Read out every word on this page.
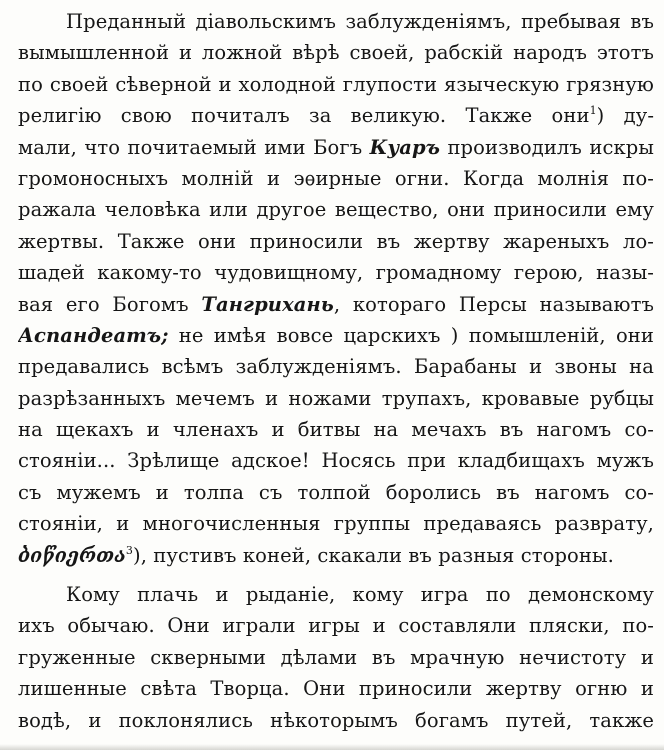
Преданный діавольскимъ заблужденіямъ, пребывая въ
вымышленной и ложной вѣрѣ своей, рабскій народъ этотъ
по своей сѣверной и холодной глупости языческую грязную
религію свою почиталъ за великую. Также они$^1$) ду-
мали, что почитаемый ими Богъ Куаръ производилъ искры
громоносныхъ молній и эѳирные огни. Когда молнія по-
ражала человѣка или другое вещество, они приносили ему
жертвы. Также они приносили въ жертву жареныхъ ло-
шадей какому-то чудовищному, громадному герою, назы-
вая его Богомъ Тангрихань, котораго Персы называютъ
Аспандеатъ; не имѣя вовсе царскихъ ) помышленій, они
предавались всѣмъ заблужденіямъ. Барабаны и звоны на
разрѣзанныхъ мечемъ и ножами трупахъ, кровавые рубцы
на щекахъ и членахъ и битвы на мечахъ въ нагомъ со-
стояніи... Зрѣлище адское! Носясь при кладбищахъ мужъ
съ мужемъ и толпа съ толпой боролись въ нагомъ со-
стояніи, и многочисленныя группы предаваясь разврату,
ბიწიერთა$^3$), пустивъ коней, скакали въ разныя стороны.
Кому плачь и рыданіе, кому игра по демонскому
ихъ обычаю. Они играли игры и составляли пляски, по-
груженные скверными дѣлами въ мрачную нечистоту и
лишенные свѣта Творца. Они приносили жертву огню и
водѣ, и поклонялись нѣкоторымъ богамъ путей, также
